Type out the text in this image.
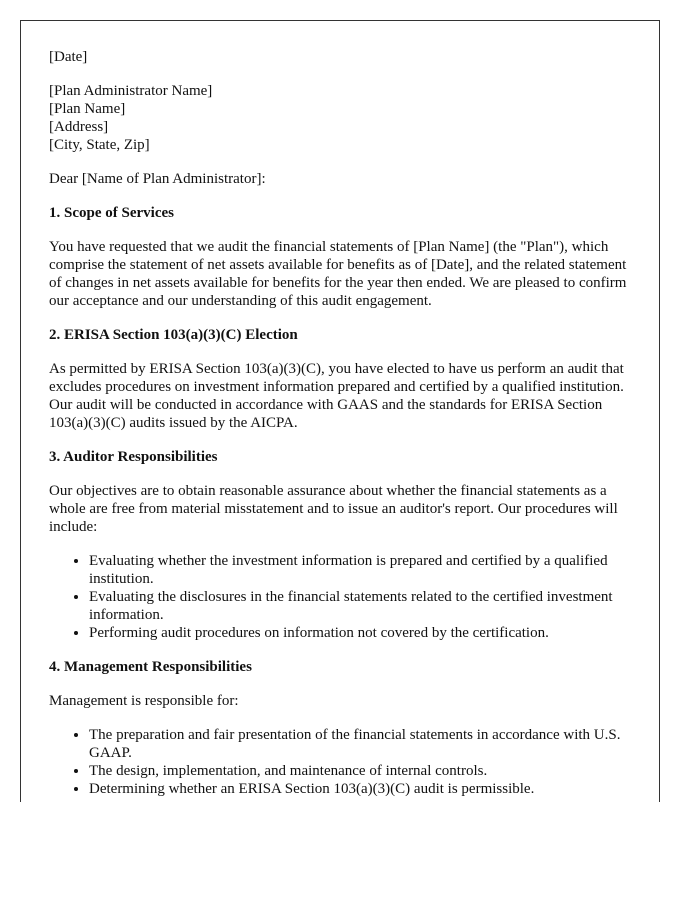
[Date]

[Plan Administrator Name]

[Plan Name]

[Address]

[City, State, Zip]

Dear [Name of Plan Administrator]:

1. Scope of Services

You have requested that we audit the financial statements of [Plan Name] (the "Plan"), which comprise the statement of net assets available for benefits as of [Date], and the related statement of changes in net assets available for benefits for the year then ended. We are pleased to confirm our acceptance and our understanding of this audit engagement.

2. ERISA Section 103(a)(3)(C) Election

As permitted by ERISA Section 103(a)(3)(C), you have elected to have us perform an audit that excludes procedures on investment information prepared and certified by a qualified institution. Our audit will be conducted in accordance with GAAS and the standards for ERISA Section 103(a)(3)(C) audits issued by the AICPA.

3. Auditor Responsibilities

Our objectives are to obtain reasonable assurance about whether the financial statements as a whole are free from material misstatement and to issue an auditor's report. Our procedures will include:

• Evaluating whether the investment information is prepared and certified by a qualified institution.
• Evaluating the disclosures in the financial statements related to the certified investment information.
• Performing audit procedures on information not covered by the certification.
4. Management Responsibilities

Management is responsible for:

• The preparation and fair presentation of the financial statements in accordance with U.S. GAAP.
• The design, implementation, and maintenance of internal controls.
• Determining whether an ERISA Section 103(a)(3)(C) audit is permissible.
